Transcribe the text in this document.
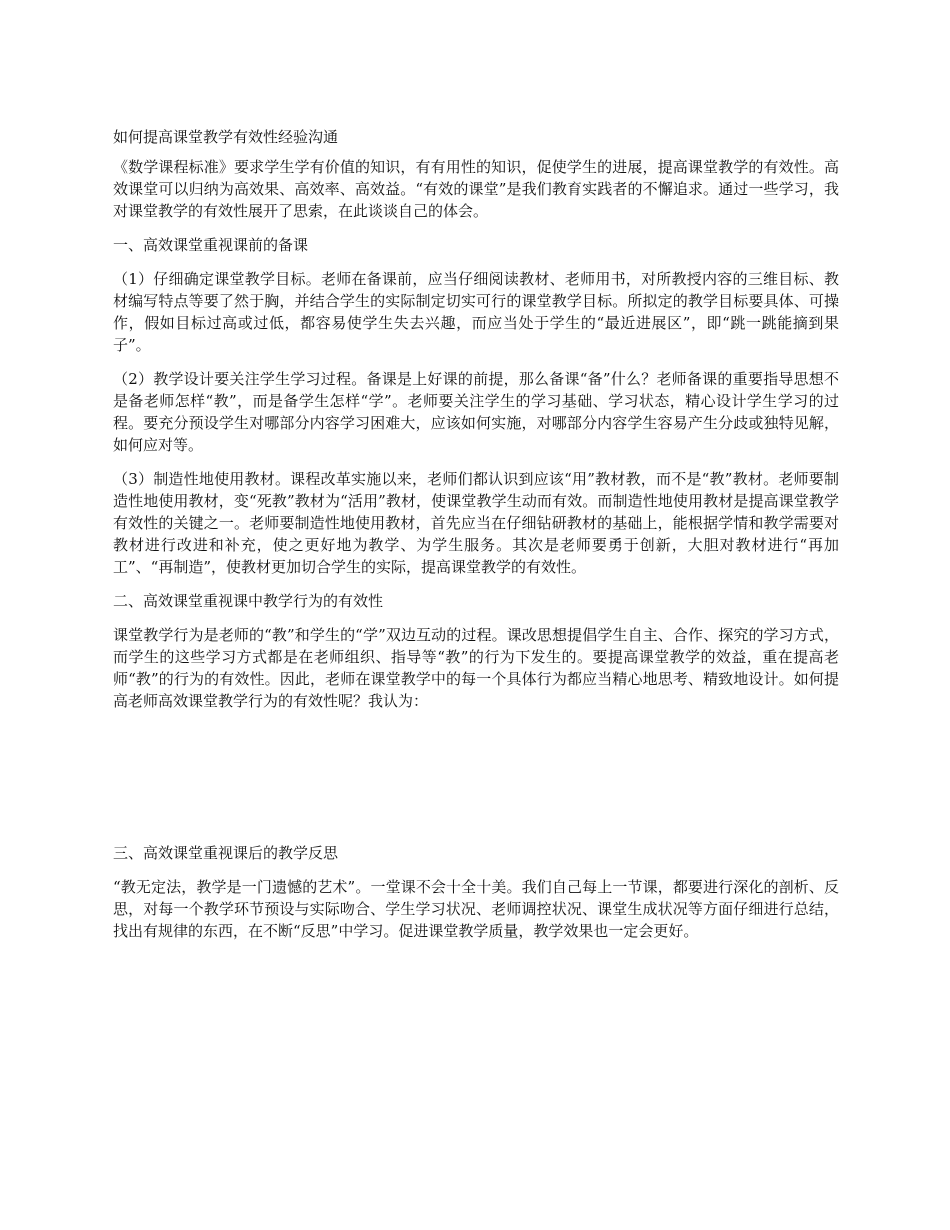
如何提高课堂教学有效性经验沟通

《数学课程标准》要求学生学有价值的知识，有有用性的知识，促使学生的进展，提高课堂教学的有效性。高效课堂可以归纳为高效果、高效率、高效益。“有效的课堂”是我们教育实践者的不懈追求。通过一些学习，我对课堂教学的有效性展开了思索，在此谈谈自己的体会。

一、高效课堂重视课前的备课

（1）仔细确定课堂教学目标。老师在备课前，应当仔细阅读教材、老师用书，对所教授内容的三维目标、教材编写特点等要了然于胸，并结合学生的实际制定切实可行的课堂教学目标。所拟定的教学目标要具体、可操作，假如目标过高或过低，都容易使学生失去兴趣，而应当处于学生的“最近进展区”，即“跳一跳能摘到果子”。

（2）教学设计要关注学生学习过程。备课是上好课的前提，那么备课“备”什么？老师备课的重要指导思想不是备老师怎样“教”，而是备学生怎样“学”。老师要关注学生的学习基础、学习状态，精心设计学生学习的过程。要充分预设学生对哪部分内容学习困难大，应该如何实施，对哪部分内容学生容易产生分歧或独特见解，如何应对等。

（3）制造性地使用教材。课程改革实施以来，老师们都认识到应该“用”教材教，而不是“教”教材。老师要制造性地使用教材，变“死教”教材为“活用”教材，使课堂教学生动而有效。而制造性地使用教材是提高课堂教学有效性的关键之一。老师要制造性地使用教材，首先应当在仔细钻研教材的基础上，能根据学情和教学需要对教材进行改进和补充，使之更好地为教学、为学生服务。其次是老师要勇于创新，大胆对教材进行“再加工”、“再制造”，使教材更加切合学生的实际，提高课堂教学的有效性。

二、高效课堂重视课中教学行为的有效性

课堂教学行为是老师的“教”和学生的“学”双边互动的过程。课改思想提倡学生自主、合作、探究的学习方式，而学生的这些学习方式都是在老师组织、指导等“教”的行为下发生的。要提高课堂教学的效益，重在提高老师“教”的行为的有效性。因此，老师在课堂教学中的每一个具体行为都应当精心地思考、精致地设计。如何提高老师高效课堂教学行为的有效性呢？我认为：

三、高效课堂重视课后的教学反思

“教无定法，教学是一门遗憾的艺术”。一堂课不会十全十美。我们自己每上一节课，都要进行深化的剖析、反思，对每一个教学环节预设与实际吻合、学生学习状况、老师调控状况、课堂生成状况等方面仔细进行总结，找出有规律的东西，在不断“反思”中学习。促进课堂教学质量，教学效果也一定会更好。
